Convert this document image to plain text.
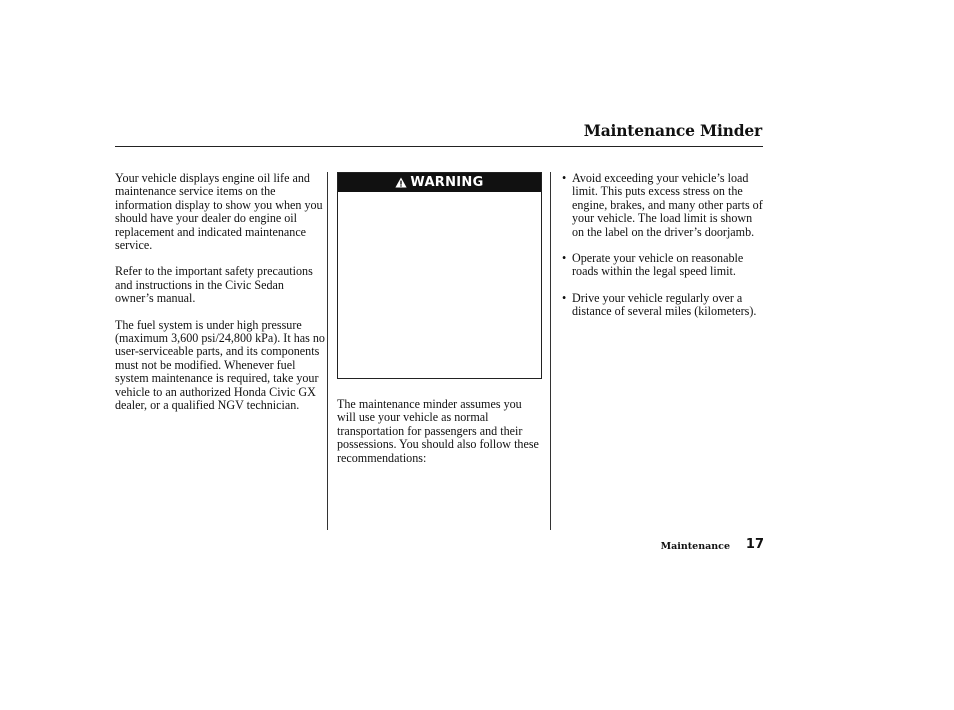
Maintenance Minder

Your vehicle displays engine oil life and maintenance service items on the information display to show you when you should have your dealer do engine oil replacement and indicated maintenance service.

Refer to the important safety precautions and instructions in the Civic Sedan owner’s manual.

The fuel system is under high pressure (maximum 3,600 psi/24,800 kPa). It has no user-serviceable parts, and its components must not be modified. Whenever fuel system maintenance is required, take your vehicle to an authorized Honda Civic GX dealer, or a qualified NGV technician.

WARNING

The maintenance minder assumes you will use your vehicle as normal transportation for passengers and their possessions. You should also follow these recommendations:

• Avoid exceeding your vehicle’s load limit. This puts excess stress on the engine, brakes, and many other parts of your vehicle. The load limit is shown on the label on the driver’s doorjamb.
• Operate your vehicle on reasonable roads within the legal speed limit.
• Drive your vehicle regularly over a distance of several miles (kilometers).
Maintenance	17
